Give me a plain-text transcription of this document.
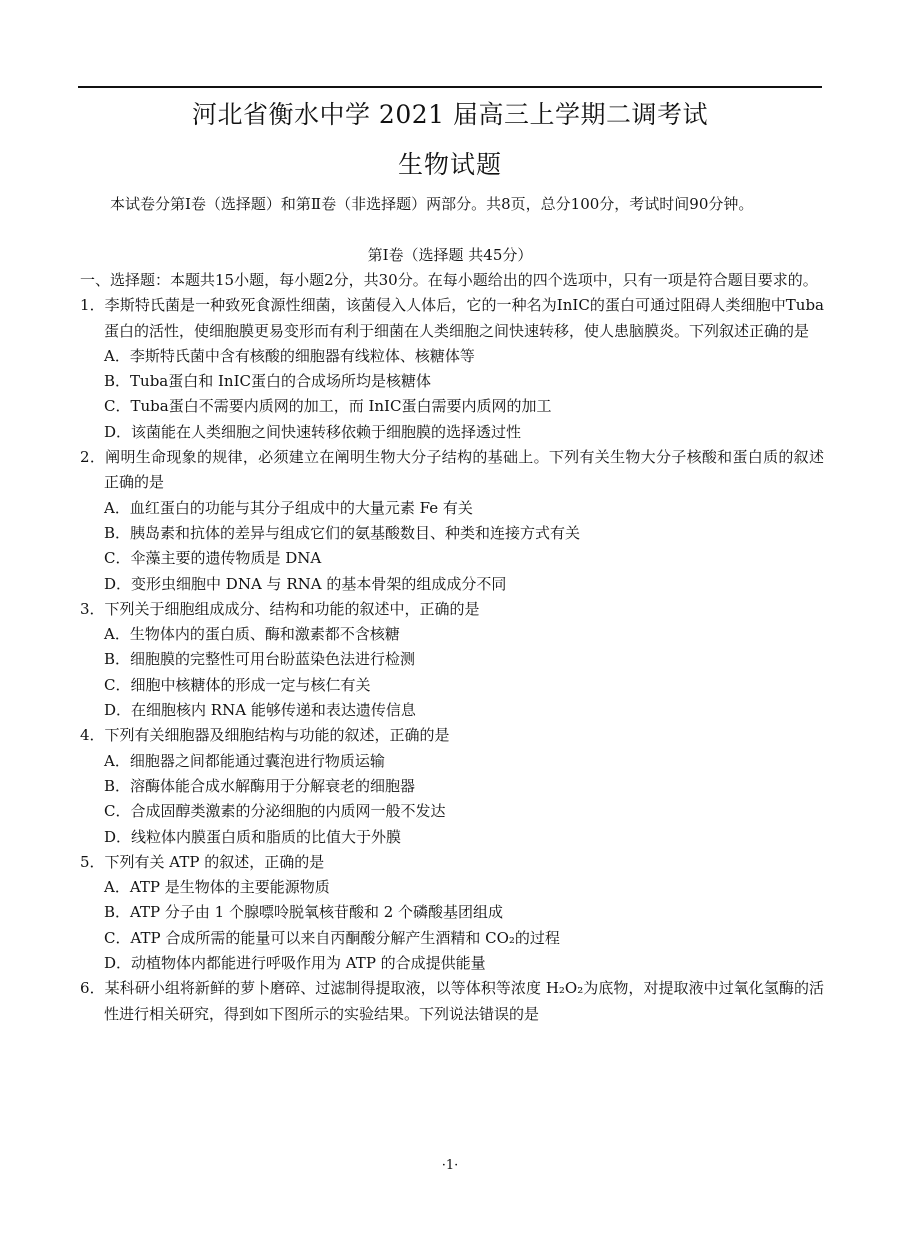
河北省衡水中学 2021 届高三上学期二调考试
生物试题
本试卷分第Ⅰ卷（选择题）和第Ⅱ卷（非选择题）两部分。共8页，总分100分，考试时间90分钟。
第Ⅰ卷（选择题 共45分）

一、选择题：本题共15小题，每小题2分，共30分。在每小题给出的四个选项中，只有一项是符合题目要求的。

1．李斯特氏菌是一种致死食源性细菌，该菌侵入人体后，它的一种名为InIC的蛋白可通过阻碍人类细胞中Tuba蛋白的活性，使细胞膜更易变形而有利于细菌在人类细胞之间快速转移，使人患脑膜炎。下列叙述正确的是

A．李斯特氏菌中含有核酸的细胞器有线粒体、核糖体等

B．Tuba蛋白和 InIC蛋白的合成场所均是核糖体

C．Tuba蛋白不需要内质网的加工，而 InIC蛋白需要内质网的加工

D．该菌能在人类细胞之间快速转移依赖于细胞膜的选择透过性

2．阐明生命现象的规律，必须建立在阐明生物大分子结构的基础上。下列有关生物大分子核酸和蛋白质的叙述正确的是

A．血红蛋白的功能与其分子组成中的大量元素 Fe 有关

B．胰岛素和抗体的差异与组成它们的氨基酸数目、种类和连接方式有关

C．伞藻主要的遗传物质是 DNA

D．变形虫细胞中 DNA 与 RNA 的基本骨架的组成成分不同

3．下列关于细胞组成成分、结构和功能的叙述中，正确的是

A．生物体内的蛋白质、酶和激素都不含核糖

B．细胞膜的完整性可用台盼蓝染色法进行检测

C．细胞中核糖体的形成一定与核仁有关

D．在细胞核内 RNA 能够传递和表达遗传信息

4．下列有关细胞器及细胞结构与功能的叙述，正确的是

A．细胞器之间都能通过囊泡进行物质运输

B．溶酶体能合成水解酶用于分解衰老的细胞器

C．合成固醇类激素的分泌细胞的内质网一般不发达

D．线粒体内膜蛋白质和脂质的比值大于外膜

5．下列有关 ATP 的叙述，正确的是

A．ATP 是生物体的主要能源物质

B．ATP 分子由 1 个腺嘌呤脱氧核苷酸和 2 个磷酸基团组成

C．ATP 合成所需的能量可以来自丙酮酸分解产生酒精和 CO₂的过程

D．动植物体内都能进行呼吸作用为 ATP 的合成提供能量

6．某科研小组将新鲜的萝卜磨碎、过滤制得提取液，以等体积等浓度 H₂O₂为底物，对提取液中过氧化氢酶的活性进行相关研究，得到如下图所示的实验结果。下列说法错误的是

·1·
